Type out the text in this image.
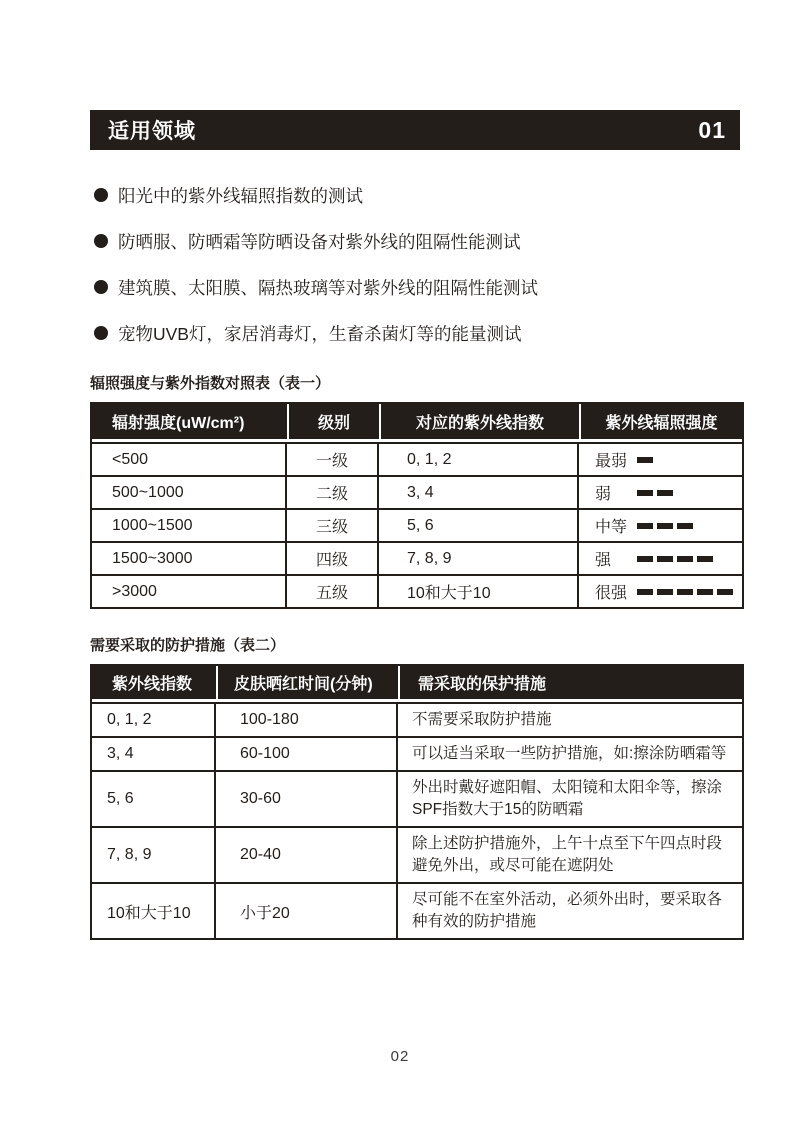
适用领域	01
阳光中的紫外线辐照指数的测试
防晒服、防晒霜等防晒设备对紫外线的阻隔性能测试
建筑膜、太阳膜、隔热玻璃等对紫外线的阻隔性能测试
宠物UVB灯，家居消毒灯，生畜杀菌灯等的能量测试
辐照强度与紫外指数对照表（表一）
辐射强度(uW/cm²)	级别	对应的紫外线指数	紫外线辐照强度
<500	一级	0, 1, 2	最弱

500~1000	二级	3, 4	弱

1000~1500	三级	5, 6	中等

1500~3000	四级	7, 8, 9	强

>3000	五级	10和大于10	很强
需要采取的防护措施（表二）
紫外线指数	皮肤晒红时间(分钟)	需采取的保护措施
0, 1, 2	100-180	不需要采取防护措施
3, 4	60-100	可以适当采取一些防护措施，如:擦涂防晒霜等
5, 6	30-60	外出时戴好遮阳帽、太阳镜和太阳伞等，擦涂SPF指数大于15的防晒霜
7, 8, 9	20-40	除上述防护措施外，上午十点至下午四点时段避免外出，或尽可能在遮阴处
10和大于10	小于20	尽可能不在室外活动，必须外出时，要采取各种有效的防护措施
02
